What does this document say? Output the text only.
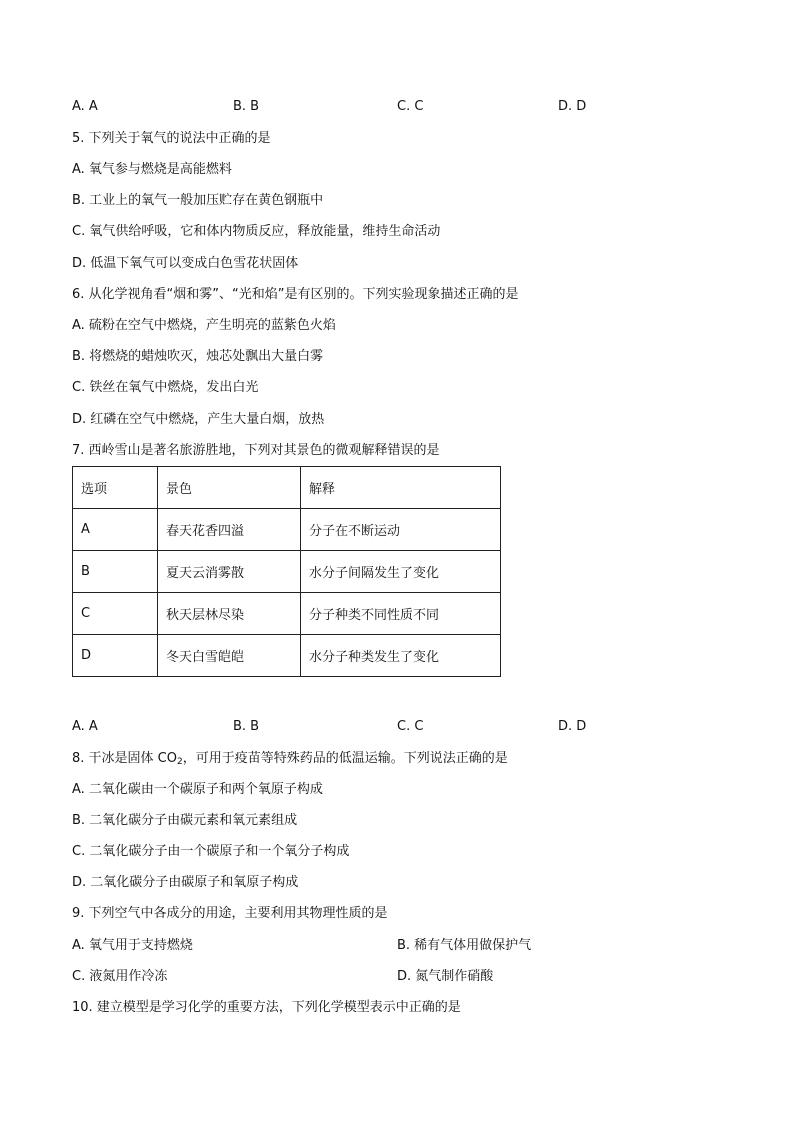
A. A	B. B	C. C	D. D
5. 下列关于氧气的说法中正确的是
A. 氧气参与燃烧是高能燃料
B. 工业上的氧气一般加压贮存在黄色钢瓶中
C. 氧气供给呼吸，它和体内物质反应，释放能量，维持生命活动
D. 低温下氧气可以变成白色雪花状固体
6. 从化学视角看“烟和雾”、“光和焰”是有区别的。下列实验现象描述正确的是
A. 硫粉在空气中燃烧，产生明亮的蓝紫色火焰
B. 将燃烧的蜡烛吹灭，烛芯处飘出大量白雾
C. 铁丝在氧气中燃烧，发出白光
D. 红磷在空气中燃烧，产生大量白烟，放热
7. 西岭雪山是著名旅游胜地，下列对其景色的微观解释错误的是
选项	景色	解释
A	春天花香四溢	分子在不断运动
B	夏天云消雾散	水分子间隔发生了变化
C	秋天层林尽染	分子种类不同性质不同
D	冬天白雪皑皑	水分子种类发生了变化
A. A	B. B	C. C	D. D
8. 干冰是固体 $CO_2$，可用于疫苗等特殊药品的低温运输。下列说法正确的是
A. 二氧化碳由一个碳原子和两个氧原子构成
B. 二氧化碳分子由碳元素和氧元素组成
C. 二氧化碳分子由一个碳原子和一个氧分子构成
D. 二氧化碳分子由碳原子和氧原子构成
9. 下列空气中各成分的用途，主要利用其物理性质的是
A. 氧气用于支持燃烧	B. 稀有气体用做保护气
C. 液氮用作冷冻	D. 氮气制作硝酸
10. 建立模型是学习化学的重要方法，下列化学模型表示中正确的是
